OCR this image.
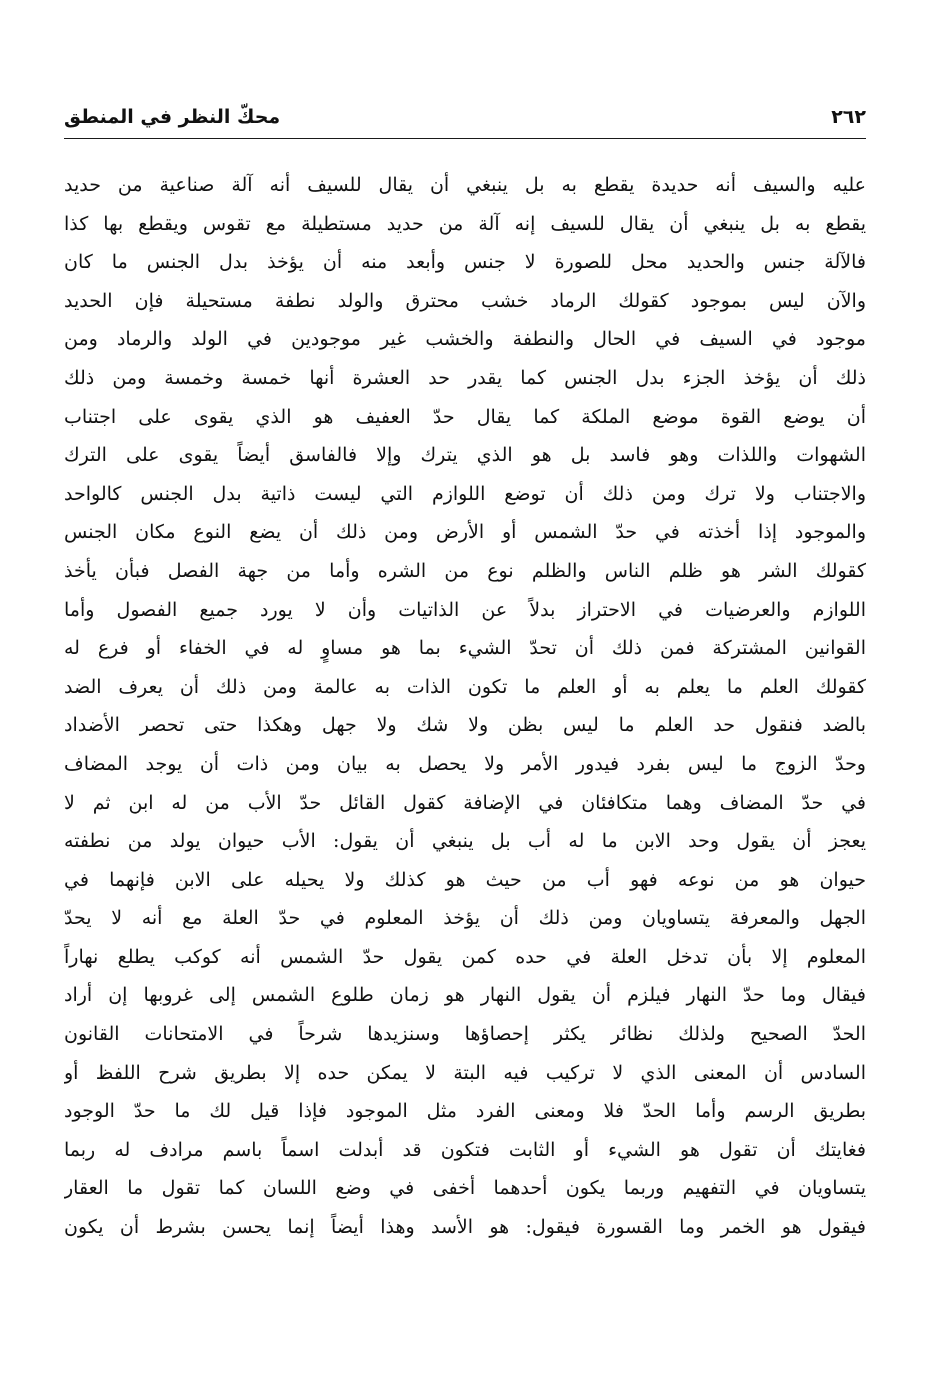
٢٦٢
محكّ النظر في المنطق
عليه والسيف أنه حديدة يقطع به بل ينبغي أن يقال للسيف أنه آلة صناعية من حديد
يقطع به بل ينبغي أن يقال للسيف إنه آلة من حديد مستطيلة مع تقوس ويقطع بها كذا
فالآلة جنس والحديد محل للصورة لا جنس وأبعد منه أن يؤخذ بدل الجنس ما كان
والآن ليس بموجود كقولك الرماد خشب محترق والولد نطفة مستحيلة فإن الحديد
موجود في السيف في الحال والنطفة والخشب غير موجودين في الولد والرماد ومن
ذلك أن يؤخذ الجزء بدل الجنس كما يقدر حد العشرة أنها خمسة وخمسة ومن ذلك
أن يوضع القوة موضع الملكة كما يقال حدّ العفيف هو الذي يقوى على اجتناب
الشهوات واللذات وهو فاسد بل هو الذي يترك وإلا فالفاسق أيضاً يقوى على الترك
والاجتناب ولا ترك ومن ذلك أن توضع اللوازم التي ليست ذاتية بدل الجنس كالواحد
والموجود إذا أخذته في حدّ الشمس أو الأرض ومن ذلك أن يضع النوع مكان الجنس
كقولك الشر هو ظلم الناس والظلم نوع من الشره وأما من جهة الفصل فبأن يأخذ
اللوازم والعرضيات في الاحتراز بدلاً عن الذاتيات وأن لا يورد جميع الفصول وأما
القوانين المشتركة فمن ذلك أن تحدّ الشيء بما هو مساوٍ له في الخفاء أو فرع له
كقولك العلم ما يعلم به أو العلم ما تكون الذات به عالمة ومن ذلك أن يعرف الضد
بالضد فنقول حد العلم ما ليس بظن ولا شك ولا جهل وهكذا حتى تحصر الأضداد
وحدّ الزوج ما ليس بفرد فيدور الأمر ولا يحصل به بيان ومن ذات أن يوجد المضاف
في حدّ المضاف وهما متكافئان في الإضافة كقول القائل حدّ الأب من له ابن ثم لا
يعجز أن يقول وحد الابن ما له أب بل ينبغي أن يقول: الأب حيوان يولد من نطفته
حيوان هو من نوعه فهو أب من حيث هو كذلك ولا يحيله على الابن فإنهما في
الجهل والمعرفة يتساويان ومن ذلك أن يؤخذ المعلوم في حدّ العلة مع أنه لا يحدّ
المعلوم إلا بأن تدخل العلة في حده كمن يقول حدّ الشمس أنه كوكب يطلع نهاراً
فيقال وما حدّ النهار فيلزم أن يقول النهار هو زمان طلوع الشمس إلى غروبها إن أراد
الحدّ الصحيح ولذلك نظائر يكثر إحصاؤها وسنزيدها شرحاً في الامتحانات القانون
السادس أن المعنى الذي لا تركيب فيه البتة لا يمكن حده إلا بطريق شرح اللفظ أو
بطريق الرسم وأما الحدّ فلا ومعنى الفرد مثل الموجود فإذا قيل لك ما حدّ الوجود
فغايتك أن تقول هو الشيء أو الثابت فتكون قد أبدلت اسماً باسم مرادف له ربما
يتساويان في التفهيم وربما يكون أحدهما أخفى في وضع اللسان كما تقول ما العقار
فيقول هو الخمر وما القسورة فيقول: هو الأسد وهذا أيضاً إنما يحسن بشرط أن يكون
